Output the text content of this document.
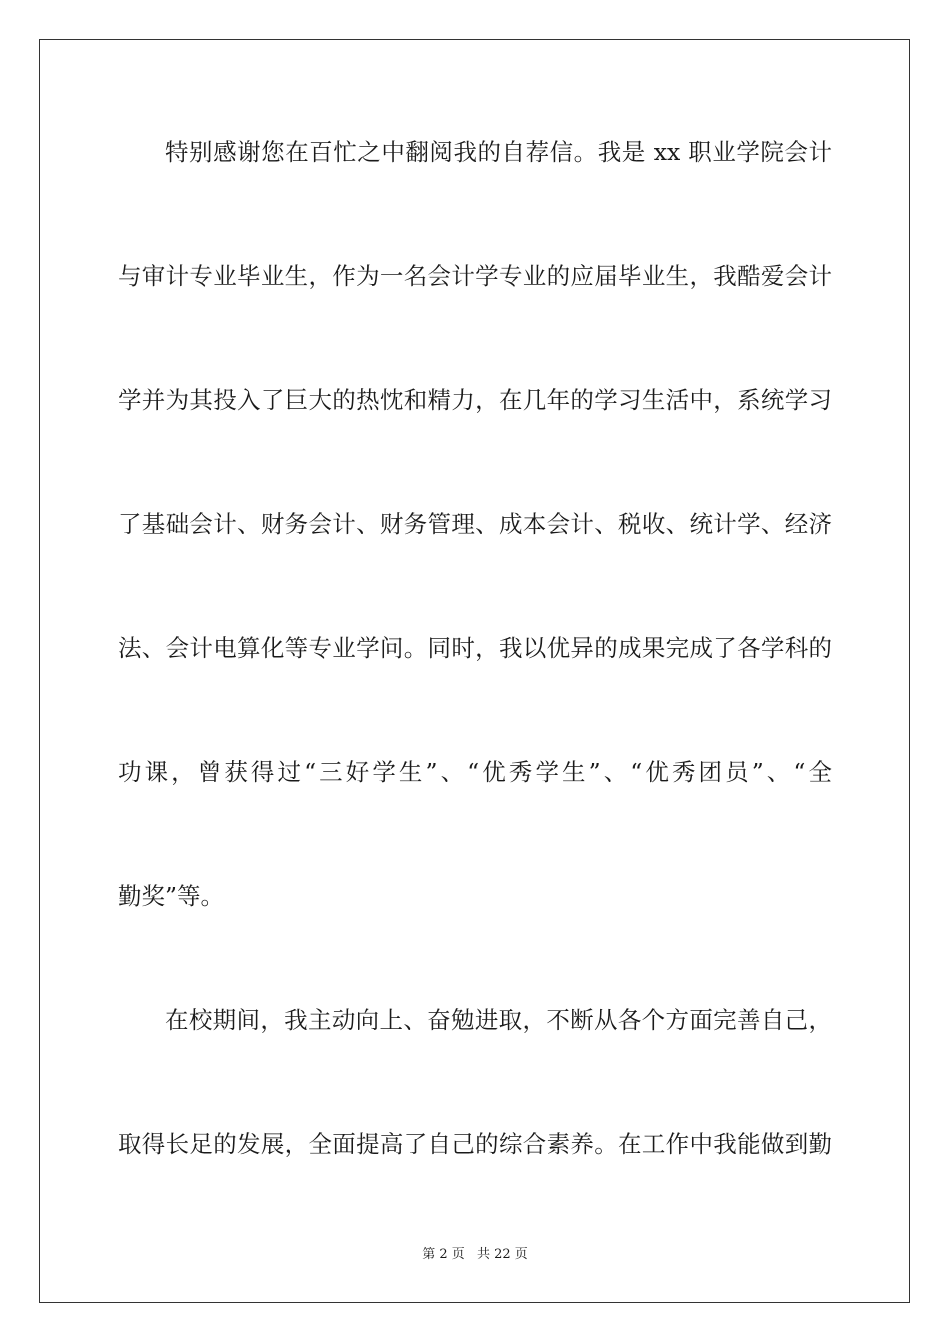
特别感谢您在百忙之中翻阅我的自荐信。我是 xx 职业学院会计
与审计专业毕业生，作为一名会计学专业的应届毕业生，我酷爱会计
学并为其投入了巨大的热忱和精力，在几年的学习生活中，系统学习
了基础会计、财务会计、财务管理、成本会计、税收、统计学、经济
法、会计电算化等专业学问。同时，我以优异的成果完成了各学科的
功课，曾获得过“三好学生”、“优秀学生”、“优秀团员”、“全
勤奖”等。
在校期间，我主动向上、奋勉进取，不断从各个方面完善自己，
取得长足的发展，全面提高了自己的综合素养。在工作中我能做到勤
第 2 页 共 22 页
